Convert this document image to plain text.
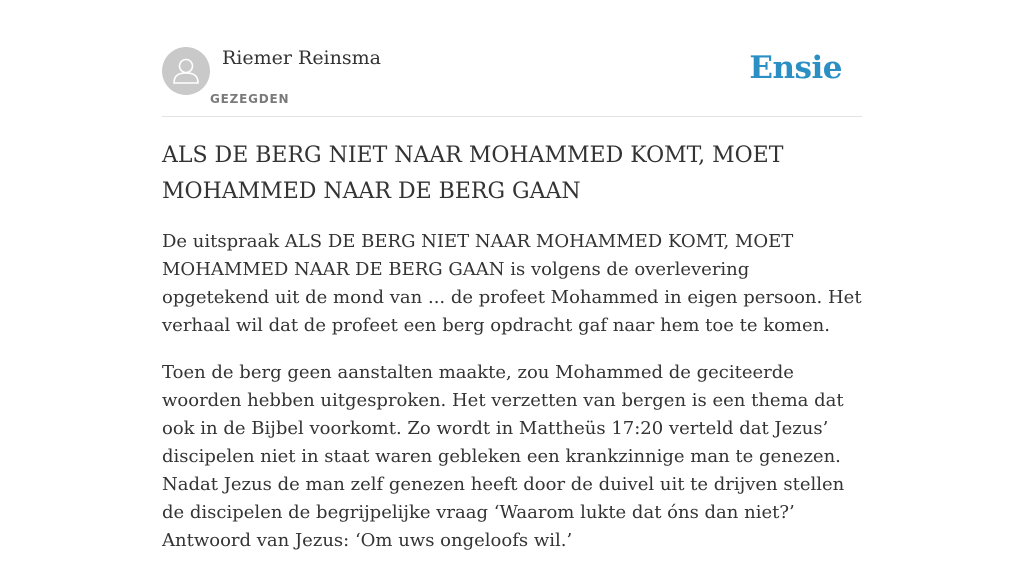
Riemer Reinsma
GEZEGDEN
Ensie
ALS DE BERG NIET NAAR MOHAMMED KOMT, MOET MOHAMMED NAAR DE BERG GAAN

De uitspraak ALS DE BERG NIET NAAR MOHAMMED KOMT, MOET MOHAMMED NAAR DE BERG GAAN is volgens de overlevering opgetekend uit de mond van ... de profeet Mohammed in eigen persoon. Het verhaal wil dat de profeet een berg opdracht gaf naar hem toe te komen.

Toen de berg geen aanstalten maakte, zou Mohammed de geciteerde woorden hebben uitgesproken. Het verzetten van bergen is een thema dat ook in de Bijbel voorkomt. Zo wordt in Mattheüs 17:20 verteld dat Jezus’ discipelen niet in staat waren gebleken een krankzinnige man te genezen. Nadat Jezus de man zelf genezen heeft door de duivel uit te drijven stellen de discipelen de begrijpelijke vraag ‘Waarom lukte dat óns dan niet?’ Antwoord van Jezus: ‘Om uws ongeloofs wil.’
